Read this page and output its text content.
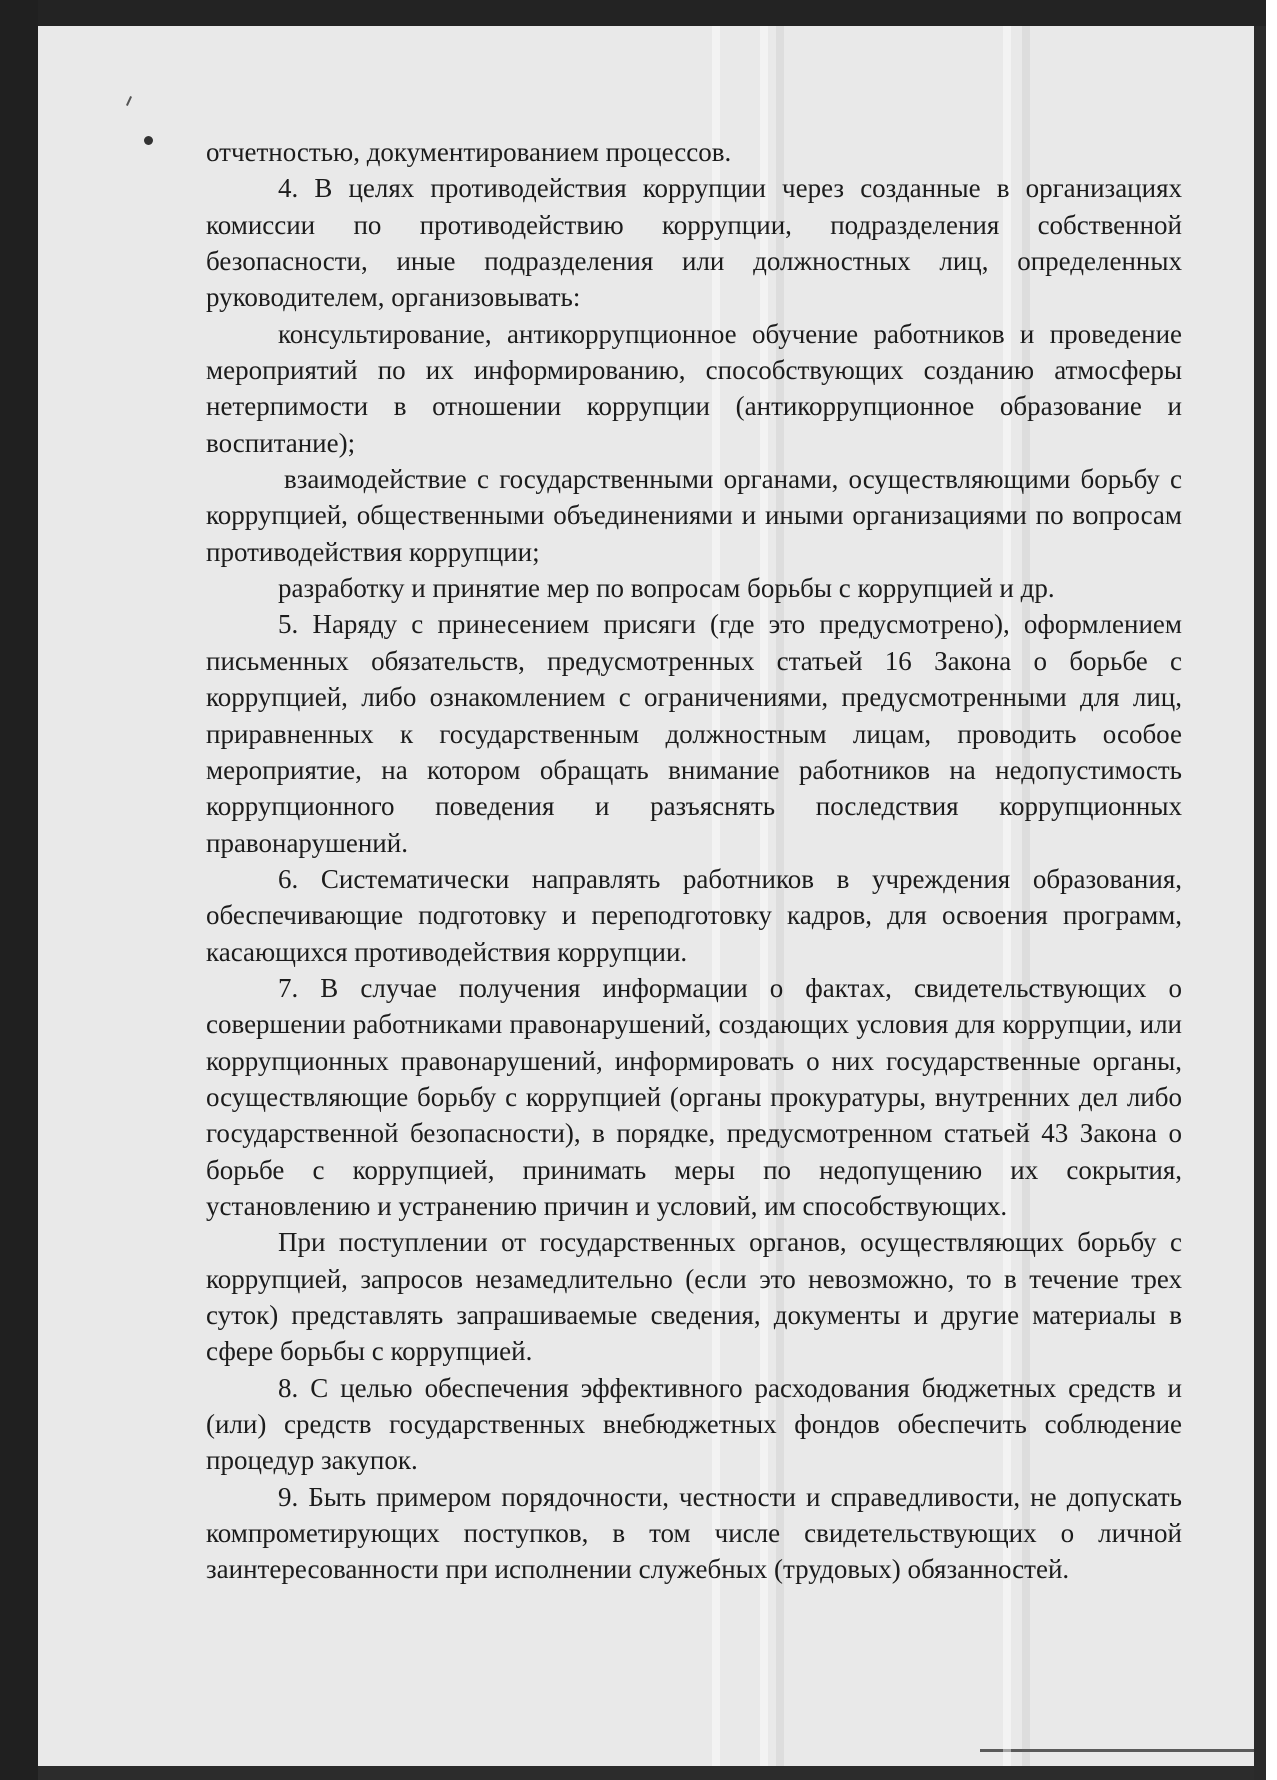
отчетностью, документированием процессов.

4. В целях противодействия коррупции через созданные в организациях комиссии по противодействию коррупции, подразделения собственной безопасности, иные подразделения или должностных лиц, определенных руководителем, организовывать:

консультирование, антикоррупционное обучение работников и проведение мероприятий по их информированию, способствующих созданию атмосферы нетерпимости в отношении коррупции (антикоррупционное образование и воспитание);

взаимодействие с государственными органами, осуществляющими борьбу с коррупцией, общественными объединениями и иными организациями по вопросам противодействия коррупции;

разработку и принятие мер по вопросам борьбы с коррупцией и др.

5. Наряду с принесением присяги (где это предусмотрено), оформлением письменных обязательств, предусмотренных статьей 16 Закона о борьбе с коррупцией, либо ознакомлением с ограничениями, предусмотренными для лиц, приравненных к государственным должностным лицам, проводить особое мероприятие, на котором обращать внимание работников на недопустимость коррупционного поведения и разъяснять последствия коррупционных правонарушений.

6. Систематически направлять работников в учреждения образования, обеспечивающие подготовку и переподготовку кадров, для освоения программ, касающихся противодействия коррупции.

7. В случае получения информации о фактах, свидетельствующих о совершении работниками правонарушений, создающих условия для коррупции, или коррупционных правонарушений, информировать о них государственные органы, осуществляющие борьбу с коррупцией (органы прокуратуры, внутренних дел либо государственной безопасности), в порядке, предусмотренном статьей 43 Закона о борьбе с коррупцией, принимать меры по недопущению их сокрытия, установлению и устранению причин и условий, им способствующих.

При поступлении от государственных органов, осуществляющих борьбу с коррупцией, запросов незамедлительно (если это невозможно, то в течение трех суток) представлять запрашиваемые сведения, документы и другие материалы в сфере борьбы с коррупцией.

8. С целью обеспечения эффективного расходования бюджетных средств и (или) средств государственных внебюджетных фондов обеспечить соблюдение процедур закупок.

9. Быть примером порядочности, честности и справедливости, не допускать компрометирующих поступков, в том числе свидетельствующих о личной заинтересованности при исполнении служебных (трудовых) обязанностей.
